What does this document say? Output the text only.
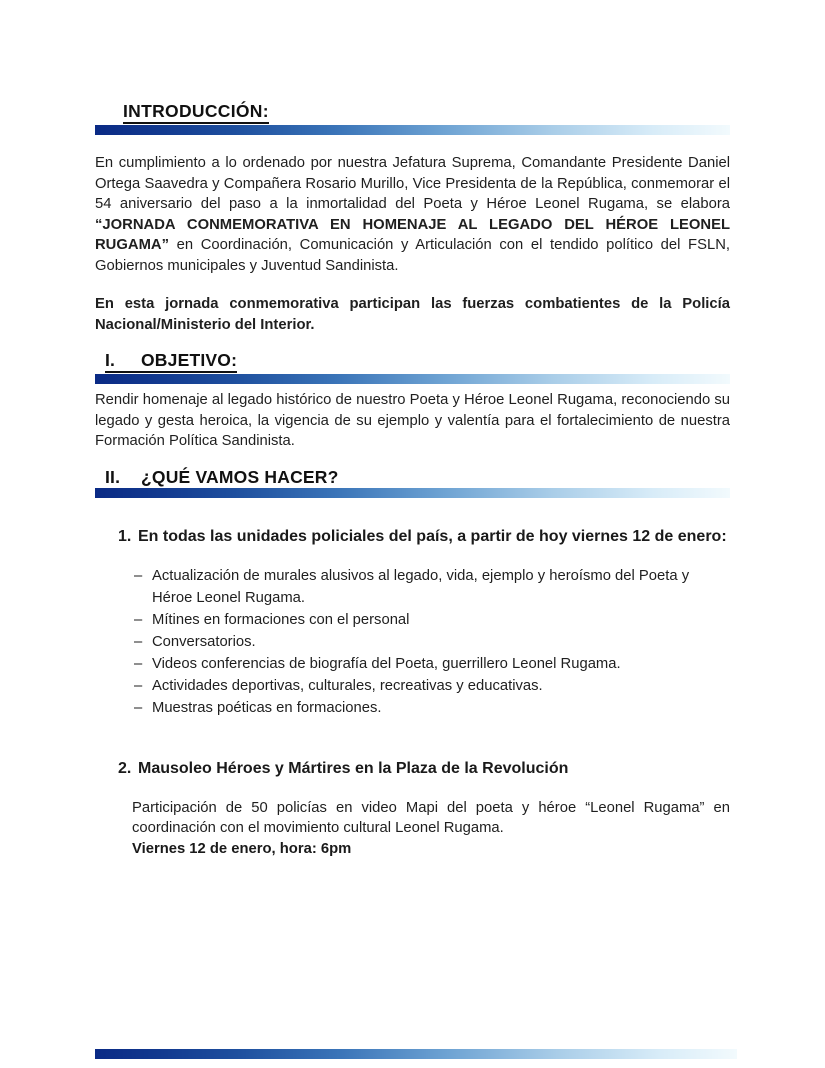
INTRODUCCIÓN:

En cumplimiento a lo ordenado por nuestra Jefatura Suprema, Comandante Presidente Daniel Ortega Saavedra y Compañera Rosario Murillo, Vice Presidenta de la República, conmemorar el 54 aniversario del paso a la inmortalidad del Poeta y Héroe Leonel Rugama, se elabora “JORNADA CONMEMORATIVA EN HOMENAJE AL LEGADO DEL HÉROE LEONEL RUGAMA” en Coordinación, Comunicación y Articulación con el tendido político del FSLN, Gobiernos municipales y Juventud Sandinista.

En esta jornada conmemorativa participan las fuerzas combatientes de la Policía Nacional/Ministerio del Interior.

I. OBJETIVO:

Rendir homenaje al legado histórico de nuestro Poeta y Héroe Leonel Rugama, reconociendo su legado y gesta heroica, la vigencia de su ejemplo y valentía para el fortalecimiento de nuestra Formación Política Sandinista.

II. ¿QUÉ VAMOS HACER?
1. En todas las unidades policiales del país, a partir de hoy viernes 12 de enero:
– Actualización de murales alusivos al legado, vida, ejemplo y heroísmo del Poeta y Héroe Leonel Rugama.
– Mítines en formaciones con el personal
– Conversatorios.
– Videos conferencias de biografía del Poeta, guerrillero Leonel Rugama.
– Actividades deportivas, culturales, recreativas y educativas.
– Muestras poéticas en formaciones.
2. Mausoleo Héroes y Mártires en la Plaza de la Revolución

Participación de 50 policías en video Mapi del poeta y héroe “Leonel Rugama” en coordinación con el movimiento cultural Leonel Rugama.

Viernes 12 de enero, hora: 6pm
